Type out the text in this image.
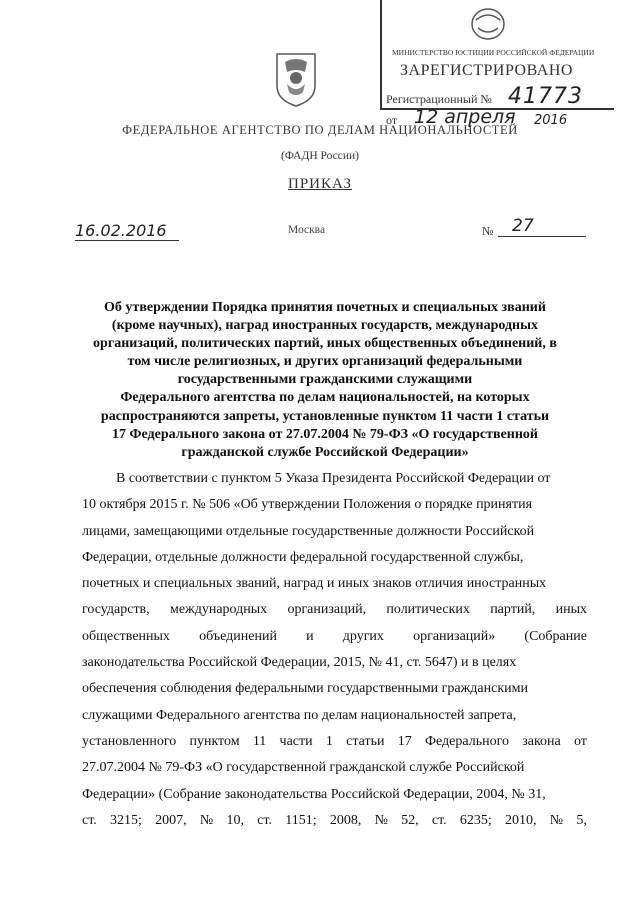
МИНИСТЕРСТВО ЮСТИЦИИ РОССИЙСКОЙ ФЕДЕРАЦИИ
ЗАРЕГИСТРИРОВАНО
Регистрационный № 41773
от 12 апреля 2016
ФЕДЕРАЛЬНОЕ АГЕНТСТВО ПО ДЕЛАМ НАЦИОНАЛЬНОСТЕЙ
(ФАДН России)
ПРИКАЗ
16.02.2016	Москва	№	27
Об утверждении Порядка принятия почетных и специальных званий
(кроме научных), наград иностранных государств, международных
организаций, политических партий, иных общественных объединений, в
том числе религиозных, и других организаций федеральными
государственными гражданскими служащими
Федерального агентства по делам национальностей, на которых
распространяются запреты, установленные пунктом 11 части 1 статьи
17 Федерального закона от 27.07.2004 № 79-ФЗ «О государственной
гражданской службе Российской Федерации»
В соответствии с пунктом 5 Указа Президента Российской Федерации от
10 октября 2015 г. № 506 «Об утверждении Положения о порядке принятия
лицами, замещающими отдельные государственные должности Российской
Федерации, отдельные должности федеральной государственной службы,
почетных и специальных званий, наград и иных знаков отличия иностранных
государств, международных организаций, политических партий, иных
общественных объединений и других организаций» (Собрание
законодательства Российской Федерации, 2015, № 41, ст. 5647) и в целях
обеспечения соблюдения федеральными государственными гражданскими
служащими Федерального агентства по делам национальностей запрета,
установленного пунктом 11 части 1 статьи 17 Федерального закона от
27.07.2004 № 79-ФЗ «О государственной гражданской службе Российской
Федерации» (Собрание законодательства Российской Федерации, 2004, № 31,
ст. 3215; 2007, № 10, ст. 1151; 2008, № 52, ст. 6235; 2010, № 5,
